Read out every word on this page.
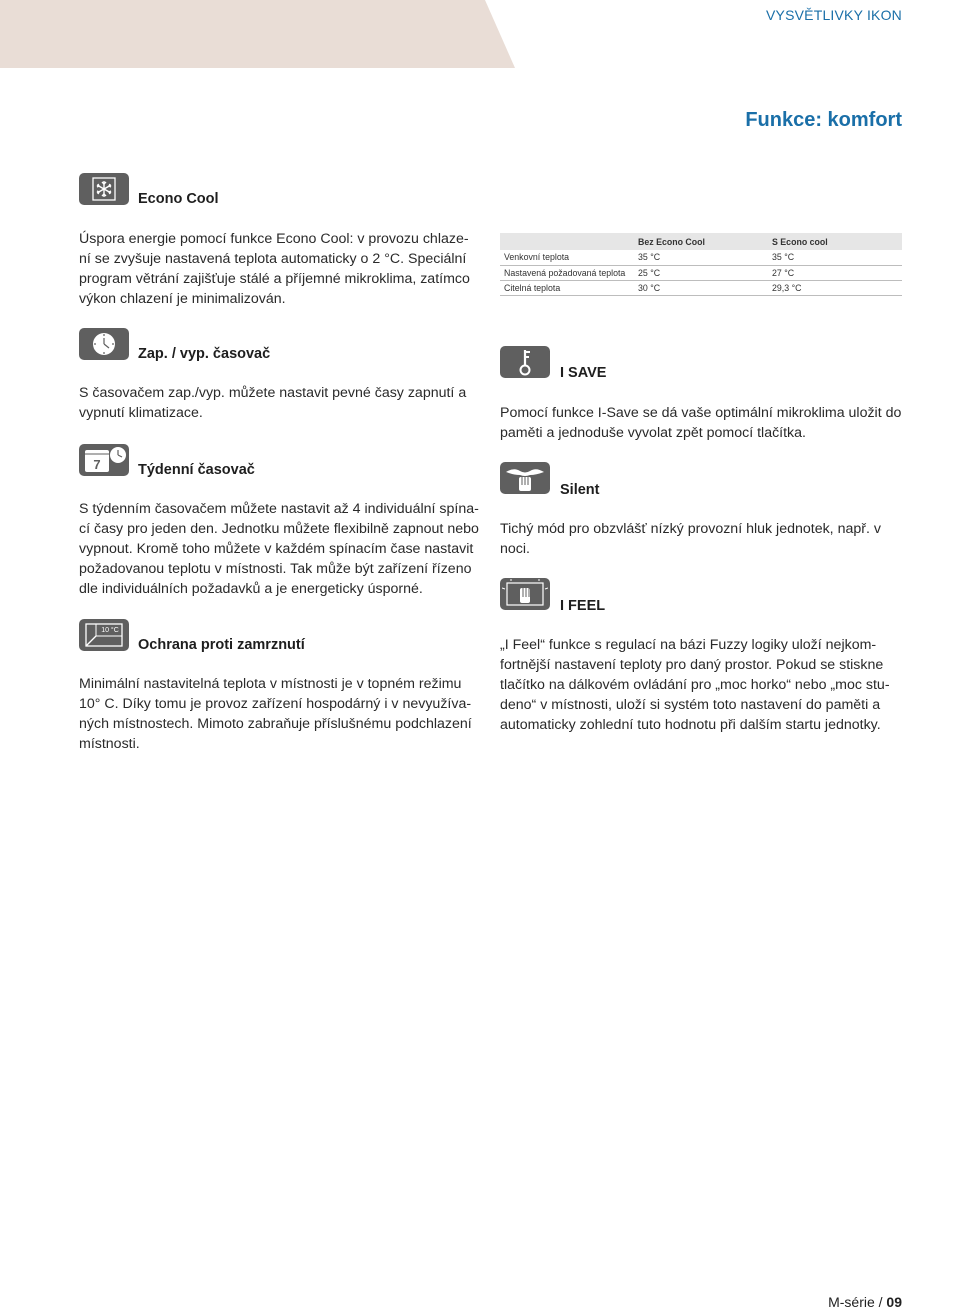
VYSVĚTLIVKY IKON
Funkce: komfort
Econo Cool
Úspora energie pomocí funkce Econo Cool: v provozu chlaze-
ní se zvyšuje nastavená teplota automaticky o 2 °C. Speciální
program větrání zajišťuje stálé a příjemné mikroklima, zatímco
výkon chlazení je minimalizován.
	Bez Econo Cool	S Econo cool
Venkovní teplota	35 °C	35 °C
Nastavená požadovaná teplota	25 °C	27 °C
Citelná teplota	30 °C	29,3 °C
Zap. / vyp. časovač
S časovačem zap./vyp. můžete nastavit pevné časy zapnutí a
vypnutí klimatizace.
7	Týdenní časovač
S týdenním časovačem můžete nastavit až 4 individuální spína-
cí časy pro jeden den. Jednotku můžete flexibilně zapnout nebo
vypnout. Kromě toho můžete v každém spínacím čase nastavit
požadovanou teplotu v místnosti. Tak může být zařízení řízeno
dle individuálních požadavků a je energeticky úsporné.
10 °C
Ochrana proti zamrznutí
Minimální nastavitelná teplota v místnosti je v topném režimu
10° C. Díky tomu je provoz zařízení hospodárný i v nevyužíva-
ných místnostech. Mimoto zabraňuje příslušnému podchlazení
místnosti.
I SAVE
Pomocí funkce I-Save se dá vaše optimální mikroklima uložit do
paměti a jednoduše vyvolat zpět pomocí tlačítka.
Silent
Tichý mód pro obzvlášť nízký provozní hluk jednotek, např. v
noci.
I FEEL
„I Feel“ funkce s regulací na bázi Fuzzy logiky uloží nejkom-
fortnější nastavení teploty pro daný prostor. Pokud se stiskne
tlačítko na dálkovém ovládání pro „moc horko“ nebo „moc stu-
deno“ v místnosti, uloží si systém toto nastavení do paměti a
automaticky zohlední tuto hodnotu při dalším startu jednotky.
M-série / 09
